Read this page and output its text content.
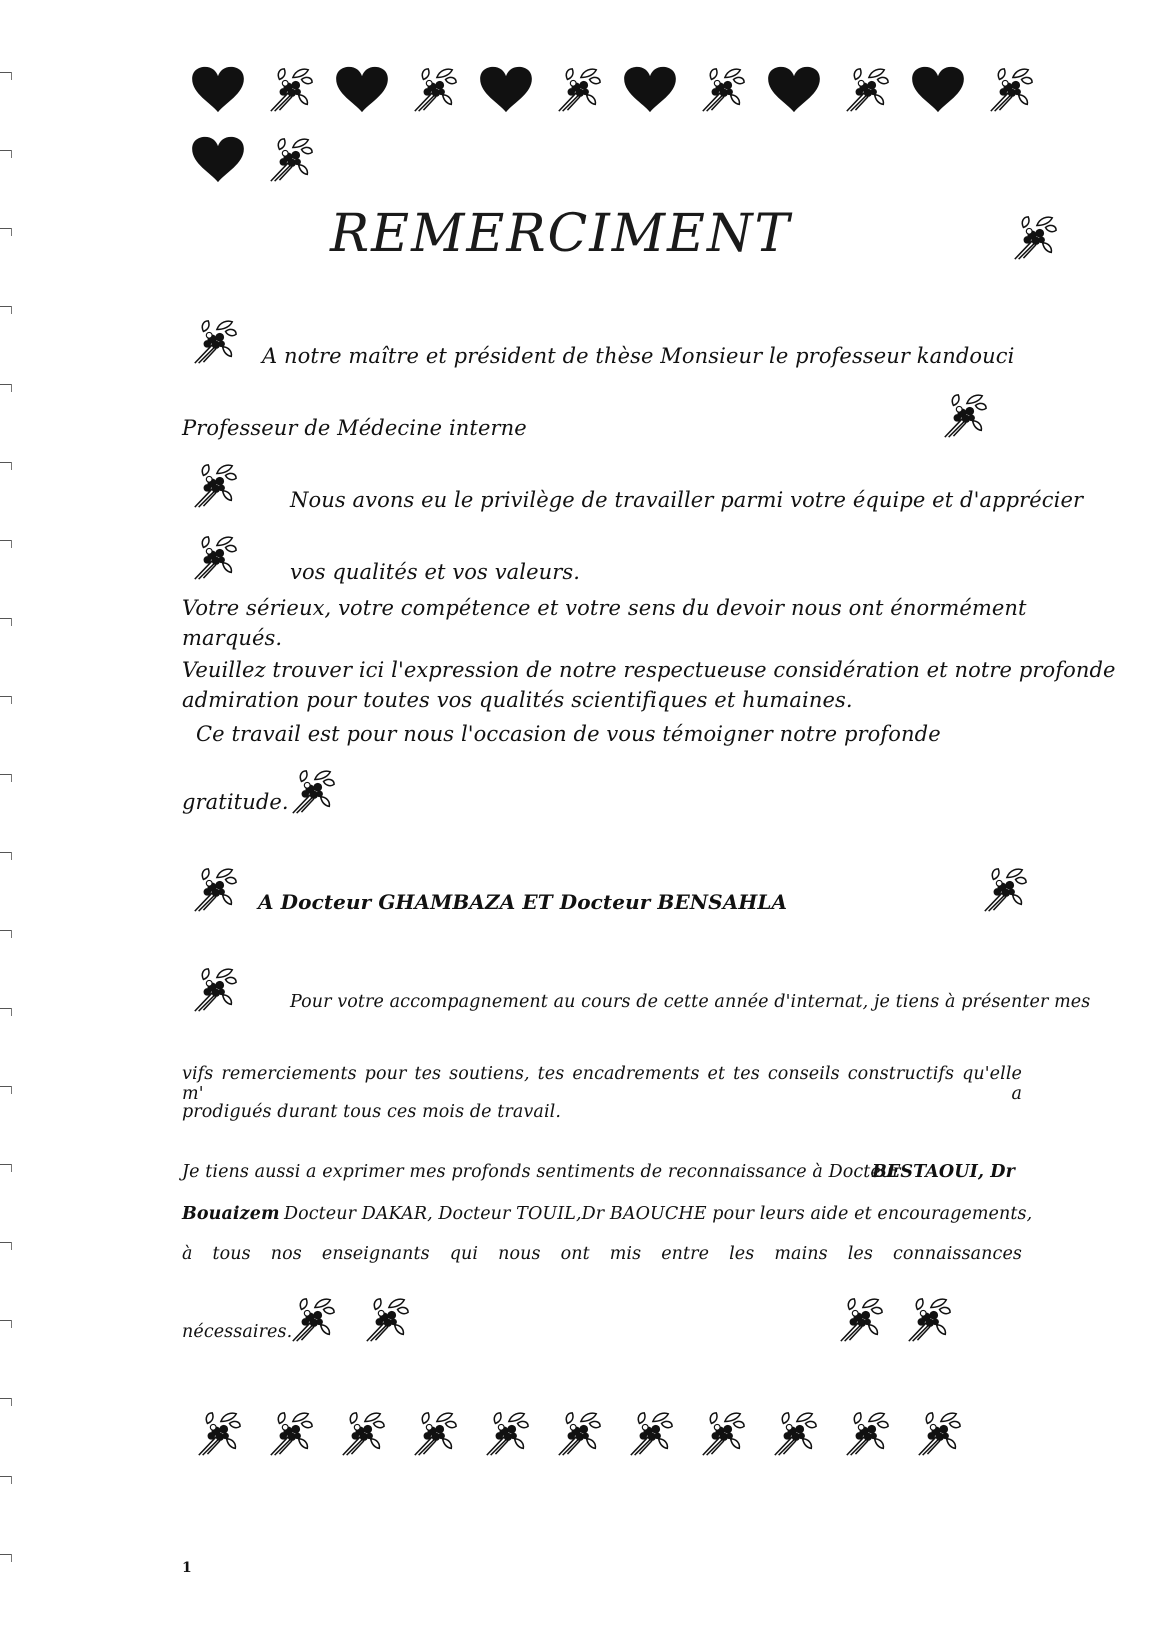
REMERCIMENT
A notre maître et président de thèse Monsieur le professeur kandouci
Professeur de Médecine interne
Nous avons eu le privilège de travailler parmi votre équipe et d'apprécier
vos qualités et vos valeurs.
Votre sérieux, votre compétence et votre sens du devoir nous ont énormément
marqués.
Veuillez trouver ici l'expression de notre respectueuse considération et notre profonde
admiration pour toutes vos qualités scientifiques et humaines.
Ce travail est pour nous l'occasion de vous témoigner notre profonde
gratitude.
A Docteur GHAMBAZA ET Docteur BENSAHLA
Pour votre accompagnement au cours de cette année d'internat, je tiens à présenter mes
vifs remerciements pour tes soutiens, tes encadrements et tes conseils constructifs qu'elle m' a
prodigués durant tous ces mois de travail.
Je tiens aussi a exprimer mes profonds sentiments de reconnaissance à Docteur
BESTAOUI, Dr
Bouaizem Docteur DAKAR, Docteur TOUIL,Dr BAOUCHE pour leurs aide et encouragements,
à tous nos enseignants qui nous ont mis entre les mains les connaissances
nécessaires.
1
